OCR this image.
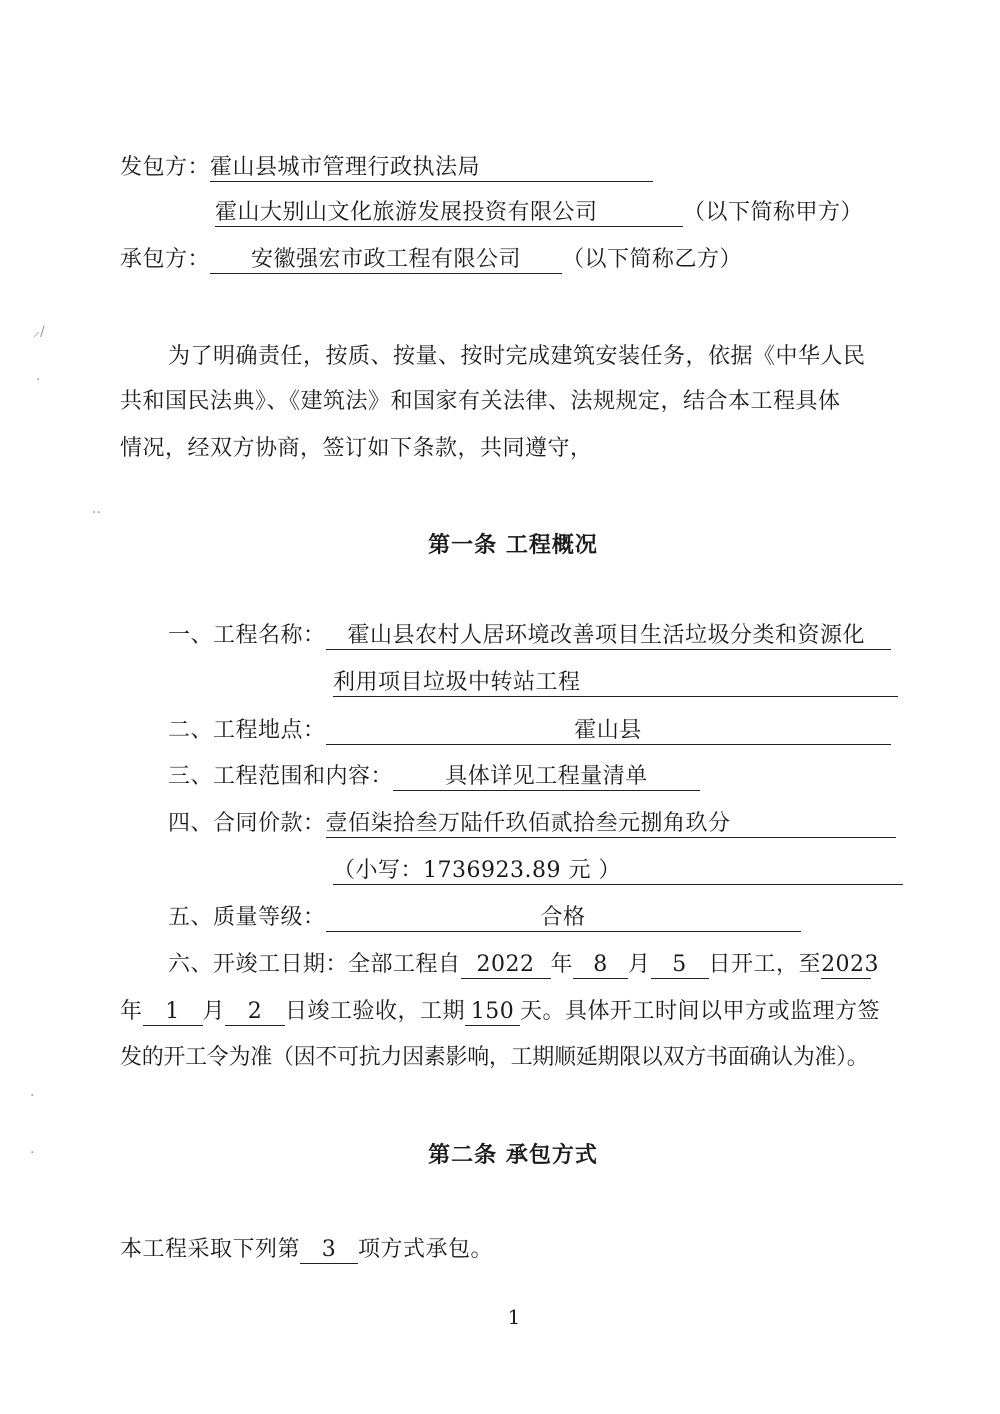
发包方：霍山县城市管理行政执法局
霍山大别山文化旅游发展投资有限公司	（以下简称甲方）
承包方： 安徽强宏市政工程有限公司 （以下简称乙方）
为了明确责任，按质、按量、按时完成建筑安装任务，依据《中华人民
共和国民法典》、《建筑法》和国家有关法律、法规规定，结合本工程具体
情况，经双方协商，签订如下条款，共同遵守，
第一条 工程概况
一、工程名称： 霍山县农村人居环境改善项目生活垃圾分类和资源化
利用项目垃圾中转站工程
二、工程地点：	霍山县
三、工程范围和内容： 具体详见工程量清单
四、合同价款：壹佰柒拾叁万陆仟玖佰贰拾叁元捌角玖分
（小写：1736923.89 元 ）
五、质量等级：	合格
六、开竣工日期：全部工程自 2022 年 8 月 5 日开工，至2023
年 1 月 2 日竣工验收，工期 150 天。具体开工时间以甲方或监理方签
发的开工令为准（因不可抗力因素影响，工期顺延期限以双方书面确认为准）。
第二条 承包方式
本工程采取下列第 3 项方式承包。
1
⸝/
·
··
·
·
